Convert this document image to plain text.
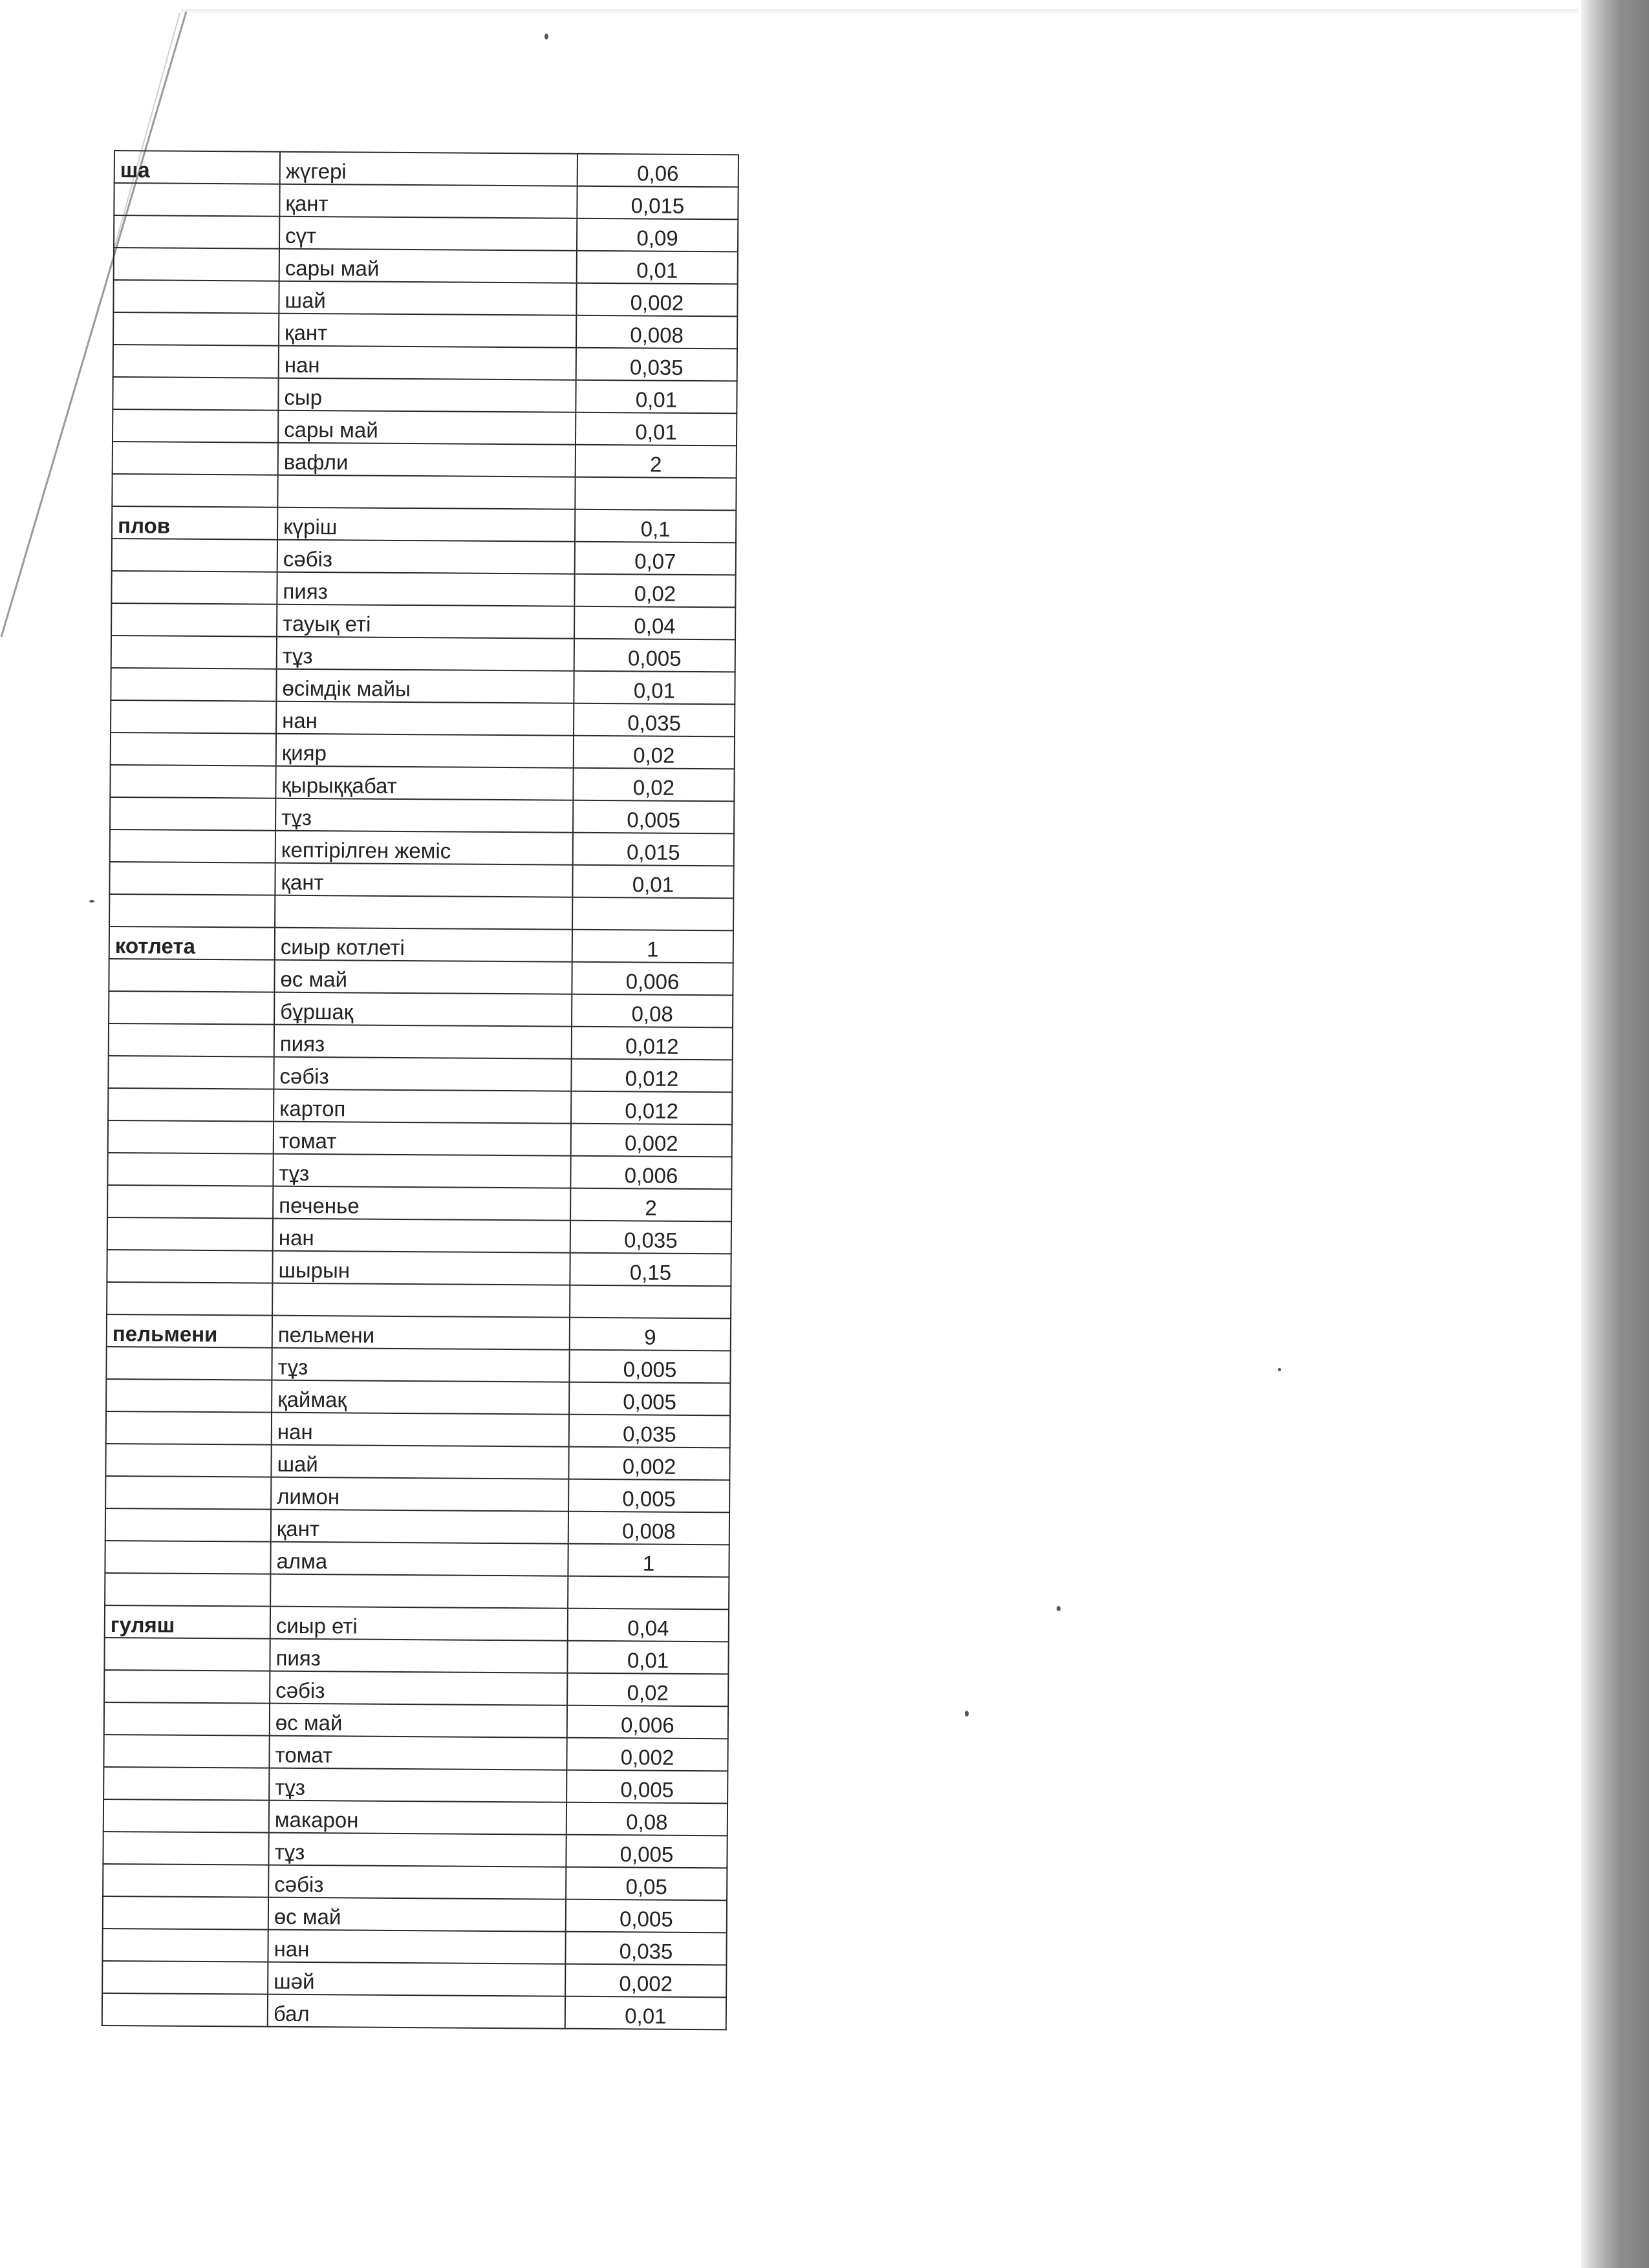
ша	жүгері	0,06
	қант	0,015
	сүт	0,09
	сары май	0,01
	шай	0,002
	қант	0,008
	нан	0,035
	сыр	0,01
	сары май	0,01
	вафли	2

плов	күріш	0,1
	сәбіз	0,07
	пияз	0,02
	тауық еті	0,04
	тұз	0,005
	өсімдік майы	0,01
	нан	0,035
	қияр	0,02
	қырыққабат	0,02
	тұз	0,005
	кептірілген жеміс	0,015
	қант	0,01

котлета	сиыр котлеті	1
	өс май	0,006
	бұршақ	0,08
	пияз	0,012
	сәбіз	0,012
	картоп	0,012
	томат	0,002
	тұз	0,006
	печенье	2
	нан	0,035
	шырын	0,15

пельмени	пельмени	9
	тұз	0,005
	қаймақ	0,005
	нан	0,035
	шай	0,002
	лимон	0,005
	қант	0,008
	алма	1

гуляш	сиыр еті	0,04
	пияз	0,01
	сәбіз	0,02
	өс май	0,006
	томат	0,002
	тұз	0,005
	макарон	0,08
	тұз	0,005
	сәбіз	0,05
	өс май	0,005
	нан	0,035
	шәй	0,002
	бал	0,01
